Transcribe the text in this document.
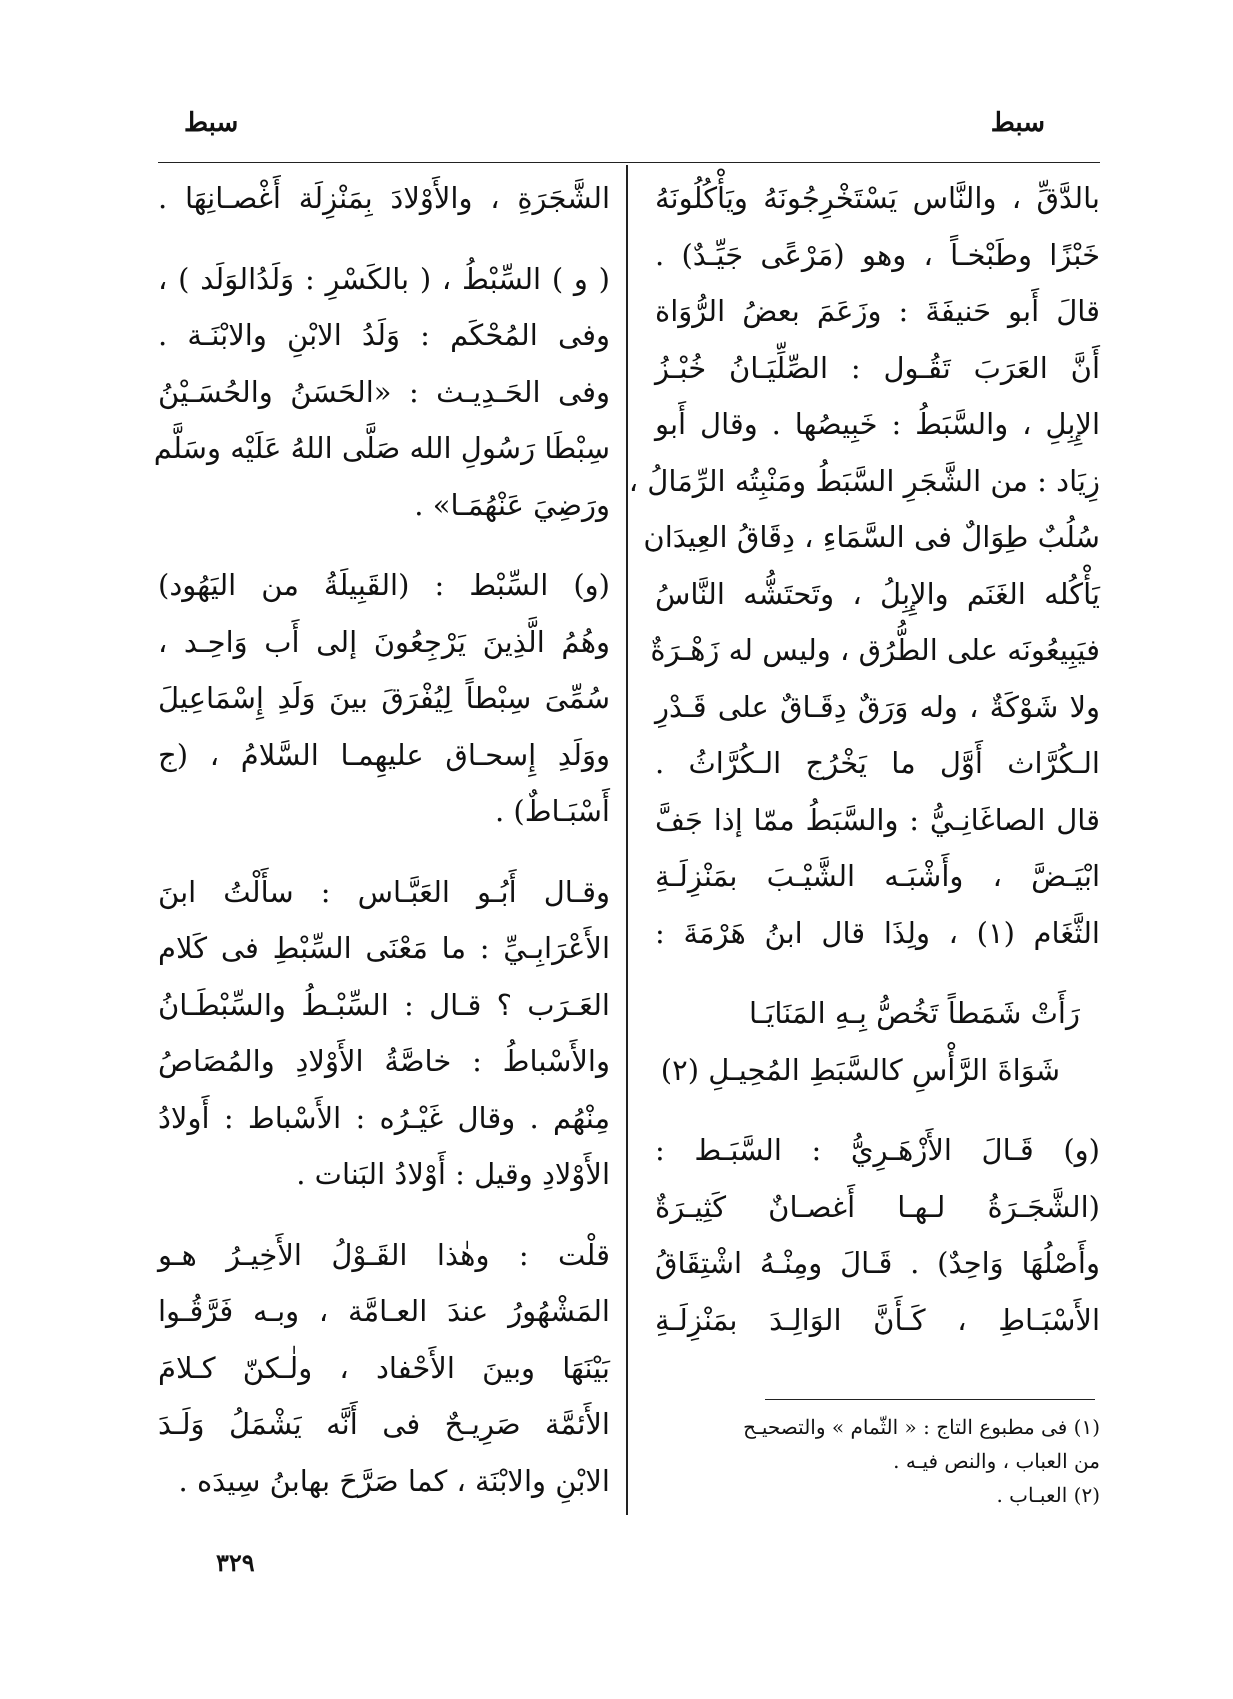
سبط
سبط
بالدَّقِّ ، والنَّاس يَسْتَخْرِجُونَهُ ويَأْكُلُونَهُ
خَبْزًا وطَبْخـاً ، وهو (مَرْعًى جَيِّـدٌ) .
قالَ أَبو حَنيفَةَ : وزَعَمَ بعضُ الرُّوَاة
أَنَّ العَرَبَ تَقُـول : الصِّلِّيَـانُ خُبْـزُ
الإِبِلِ ، والسَّبَطُ : خَبِيصُها . وقال أَبو
زِيَاد : من الشَّجَرِ السَّبَطُ ومَنْبِتُه الرِّمَالُ ،
سُلُبٌ طِوَالٌ فى السَّمَاءِ ، دِقَاقُ العِيدَان
يَأْكُله الغَنَم والإِبِلُ ، وتَحتَشُّه النَّاسُ
فيَبِيعُونَه على الطُّرُق ، وليس له زَهْـرَةٌ
ولا شَوْكَةٌ ، وله وَرَقٌ دِقَـاقٌ على قَـدْرِ
الـكُرَّاث أَوَّل ما يَخْرُج الـكُرَّاثُ .
قال الصاغَانِـيُّ : والسَّبَطُ ممّا إذا جَفَّ
ابْيَـضَّ ، وأَشْبَـه الشَّيْـبَ بمَنْزِلَـةِ
الثَّغَام (١) ، ولِذَا قال ابنُ هَرْمَةَ :
رَأَتْ شَمَطاً تَخُصُّ بِـهِ المَنَايَـا
شَوَاةَ الرَّأْسِ كالسَّبَطِ المُحِيـلِ (٢)
(و) قَـالَ الأَزْهَـرِيُّ : السَّبَـط :
(الشَّجَـرَةُ لـهـا أَغصـانٌ كَثِيـرَةٌ
وأَصْلُهَا وَاحِدٌ) . قَـالَ ومِنْـهُ اشْتِقَاقُ
الأَسْبَـاطِ ، كَـأَنَّ الوَالِـدَ بمَنْزِلَـةِ
الشَّجَرَةِ ، والأَوْلادَ بِمَنْزِلَة أَغْصـانِهَا .
( و ) السِّبْطُ ، ( بالكَسْرِ : وَلَدُالوَلَد ) ،
وفى المُحْكَم : وَلَدُ الابْنِ والابْنَـة .
وفى الحَـدِيـث : «الحَسَنُ والحُسَـيْنُ
سِبْطَا رَسُولِ الله صَلَّى اللهُ عَلَيْه وسَلَّم
ورَضِيَ عَنْهُمَـا» .
(و) السِّبْط : (القَبِيلَةُ من اليَهُود)
وهُمُ الَّذِينَ يَرْجِعُونَ إلى أَب وَاحِـد ،
سُمِّىَ سِبْطاً لِيُفْرَقَ بينَ وَلَدِ إِسْمَاعِيلَ
ووَلَدِ إِسحـاق عليهِمـا السَّلامُ ، (ج
أَسْبَـاطٌ) .
وقـال أَبُـو العَبَّـاس : سأَلْتُ ابنَ
الأَعْرَابِـيِّ : ما مَعْنَى السِّبْطِ فى كَلام
العَـرَب ؟ قـال : السِّبْـطُ والسِّبْطَـانُ
والأَسْباطُ : خاصَّةُ الأَوْلادِ والمُصَاصُ
مِنْهُم . وقال غَيْـرُه : الأَسْباط : أَولادُ
الأَوْلادِ وقيل : أَوْلادُ البَنات .
قلْت : وهٰذا القَـوْلُ الأَخِيـرُ هـو
المَشْهُورُ عندَ العـامَّة ، وبـه فَرَّقُـوا
بَيْنَهَا وبينَ الأَحْفاد ، ولٰـكنّ كـلامَ
الأَئمَّة صَرِيـحٌ فى أَنَّه يَشْمَلُ وَلَـدَ
الابْنِ والابْنَة ، كما صَرَّحَ بهابنُ سِيدَه .
(١) فى مطبوع التاج : « الثّمام » والتصحيـح
من العباب ، والنص فيـه .
(٢) العبـاب .
٣٢٩
